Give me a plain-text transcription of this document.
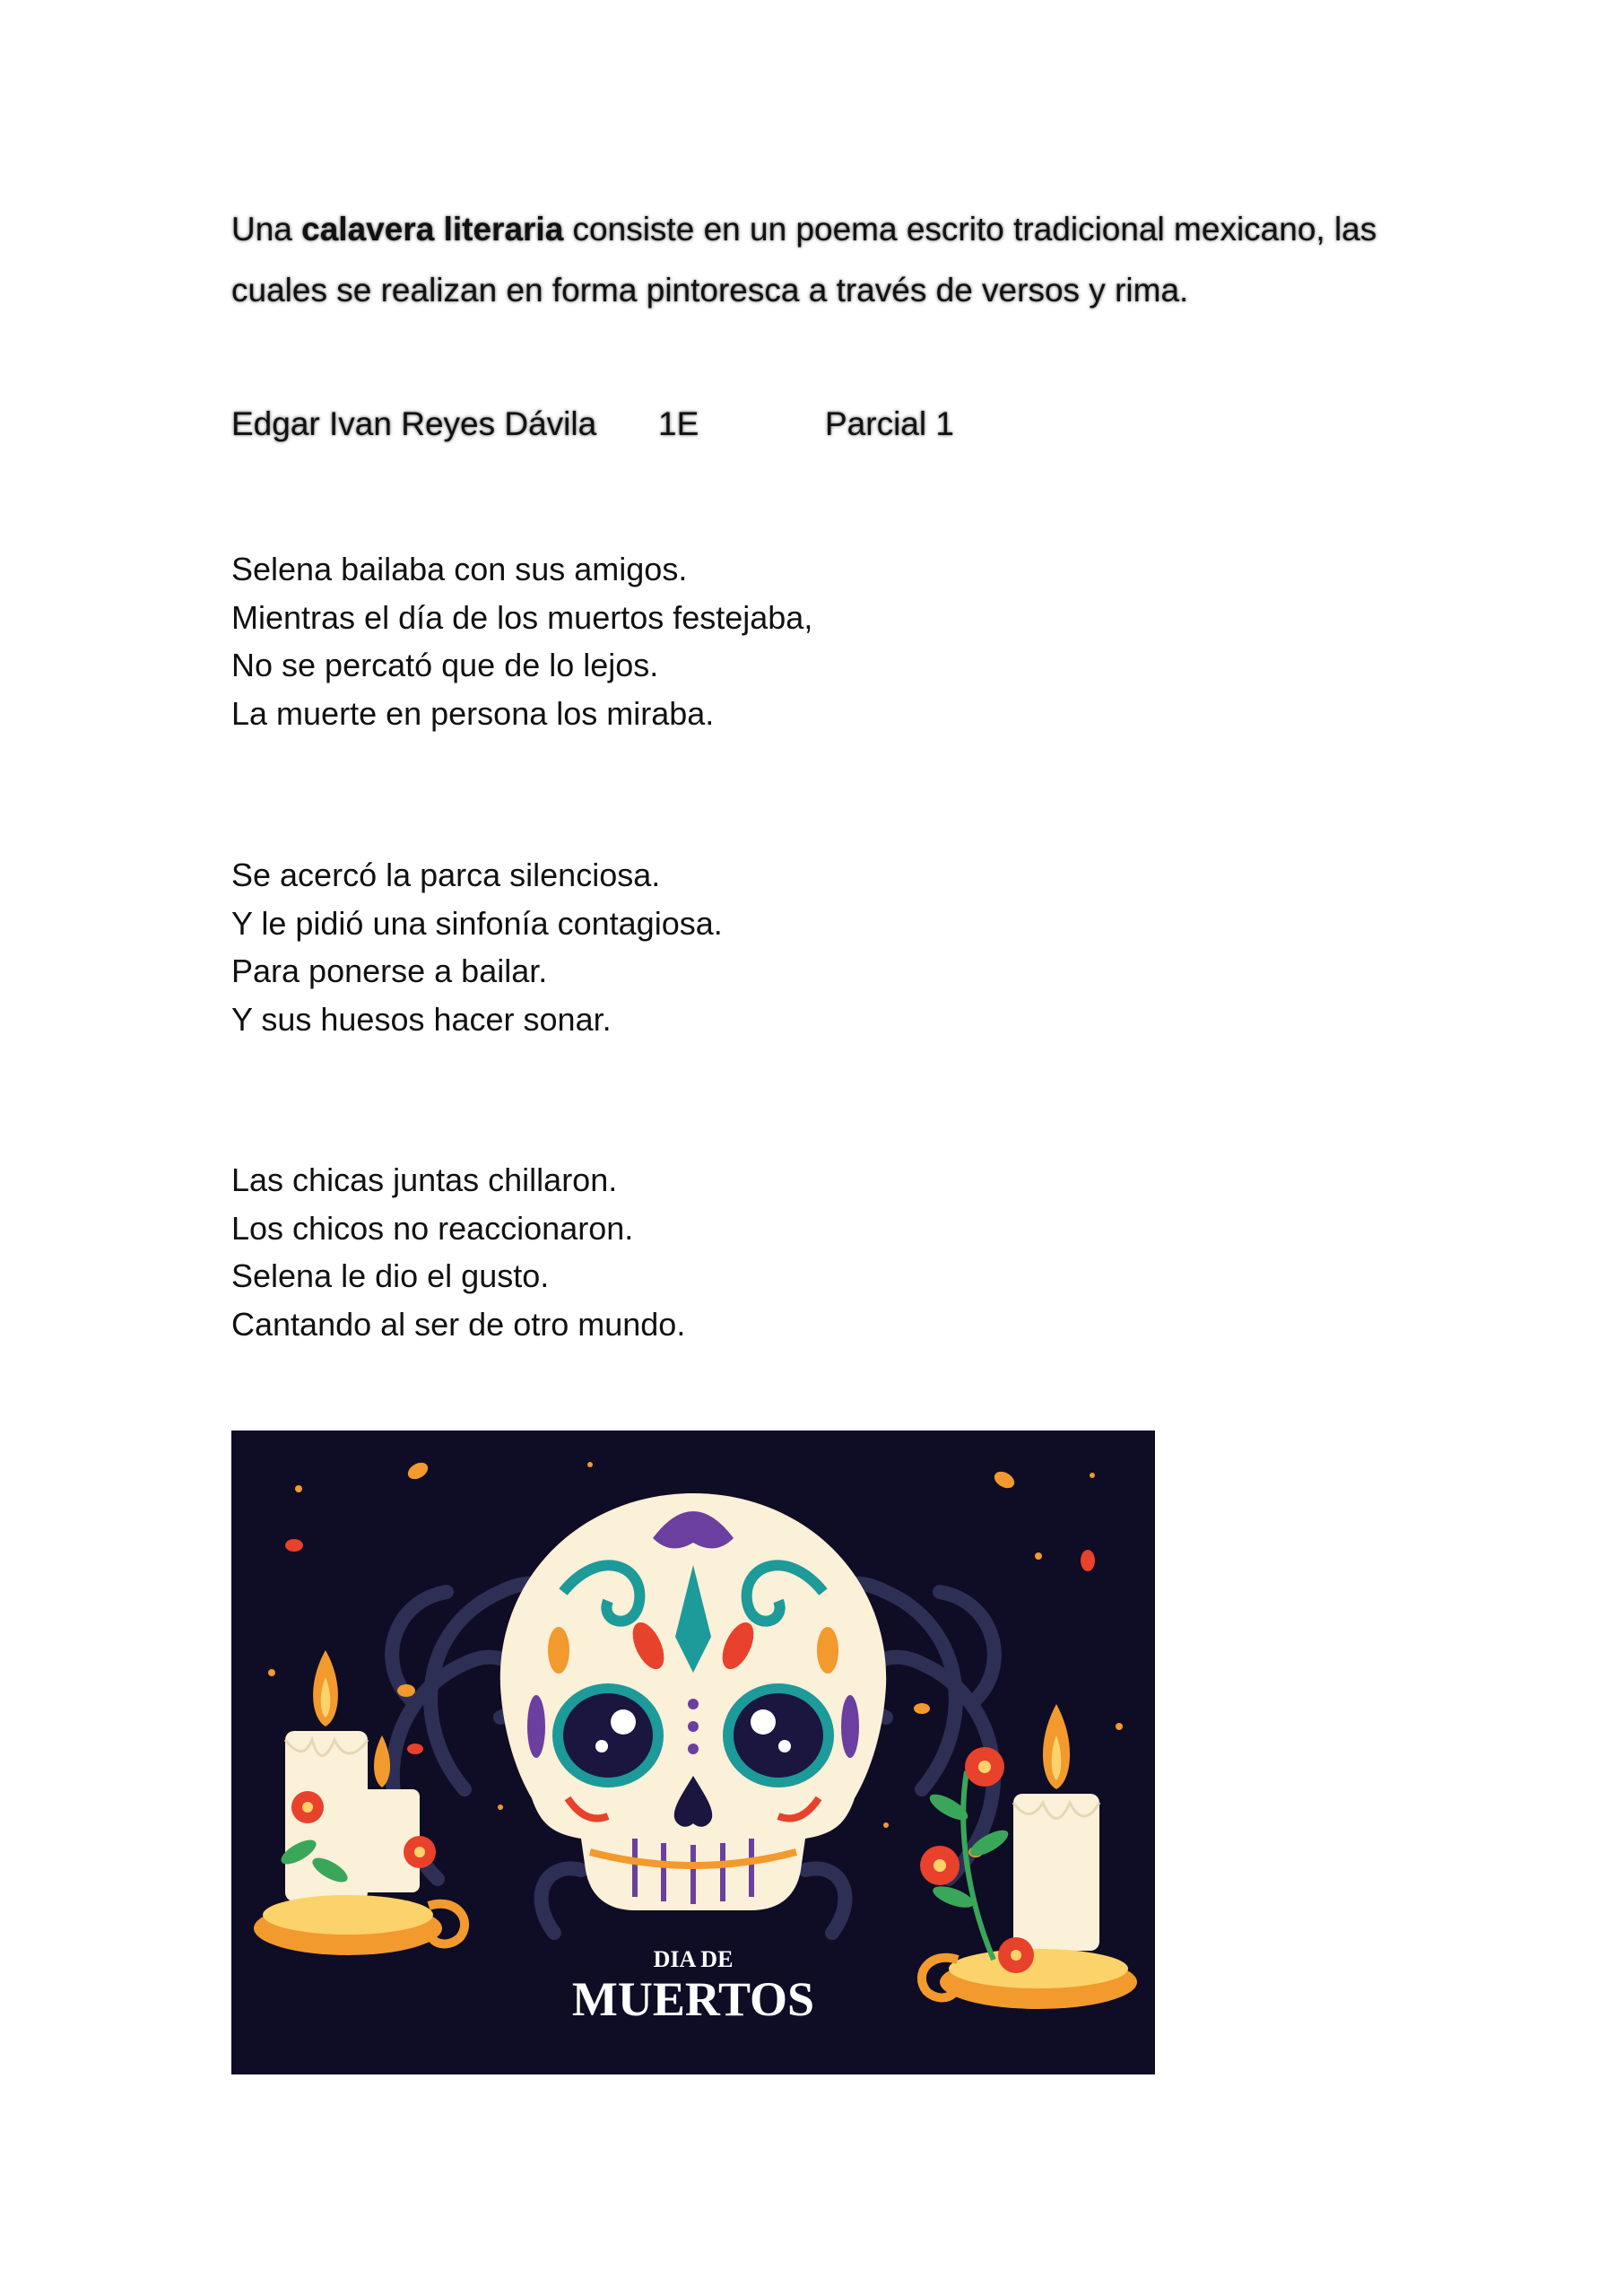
Una calavera literaria consiste en un poema escrito tradicional mexicano, las cuales se realizan en forma pintoresca a través de versos y rima.
Edgar Ivan Reyes Dávila 1E	Parcial 1
Selena bailaba con sus amigos.
Mientras el día de los muertos festejaba,
No se percató que de lo lejos.
La muerte en persona los miraba.
Se acercó la parca silenciosa.
Y le pidió una sinfonía contagiosa.
Para ponerse a bailar.
Y sus huesos hacer sonar.
Las chicas juntas chillaron.
Los chicos no reaccionaron.
Selena le dio el gusto.
Cantando al ser de otro mundo.
DIA DE
MUERTOS
